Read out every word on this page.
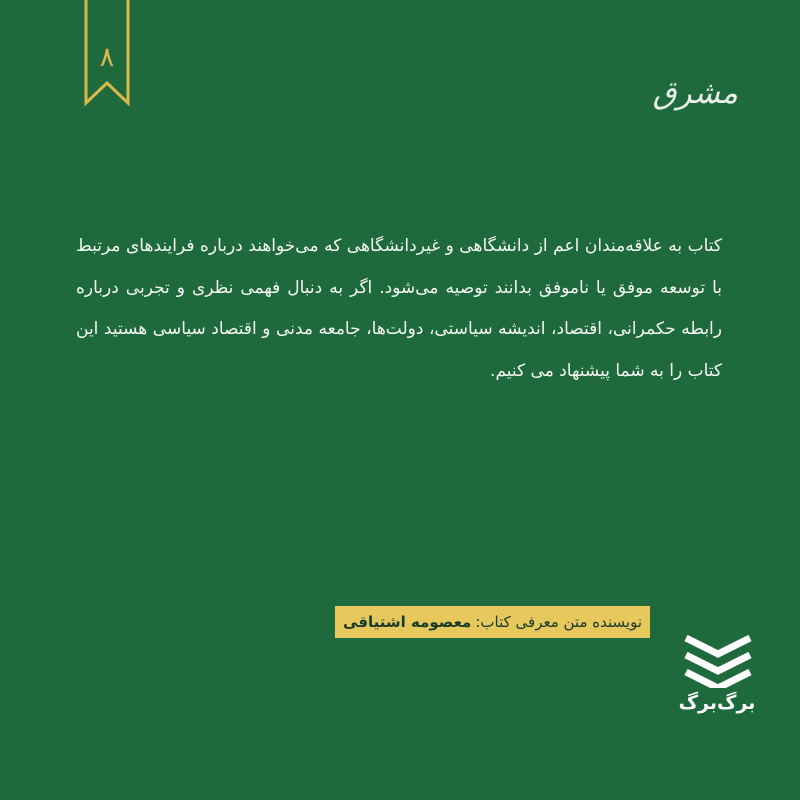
۸
مشرق

کتاب به علاقه‌مندان اعم از دانشگاهی و غیردانشگاهی که می‌خواهند درباره فرایندهای مرتبط با توسعه موفق یا ناموفق بدانند توصیه می‌شود. اگر به دنبال فهمی نظری و تجربی درباره رابطه حکمرانی، اقتصاد، اندیشه سیاستی، دولت‌ها، جامعه مدنی و اقتصاد سیاسی هستید این کتاب را به شما پیشنهاد می کنیم.

نویسنده متن معرفی کتاب:
معصومه اشتیاقی
برگ‌برگ
